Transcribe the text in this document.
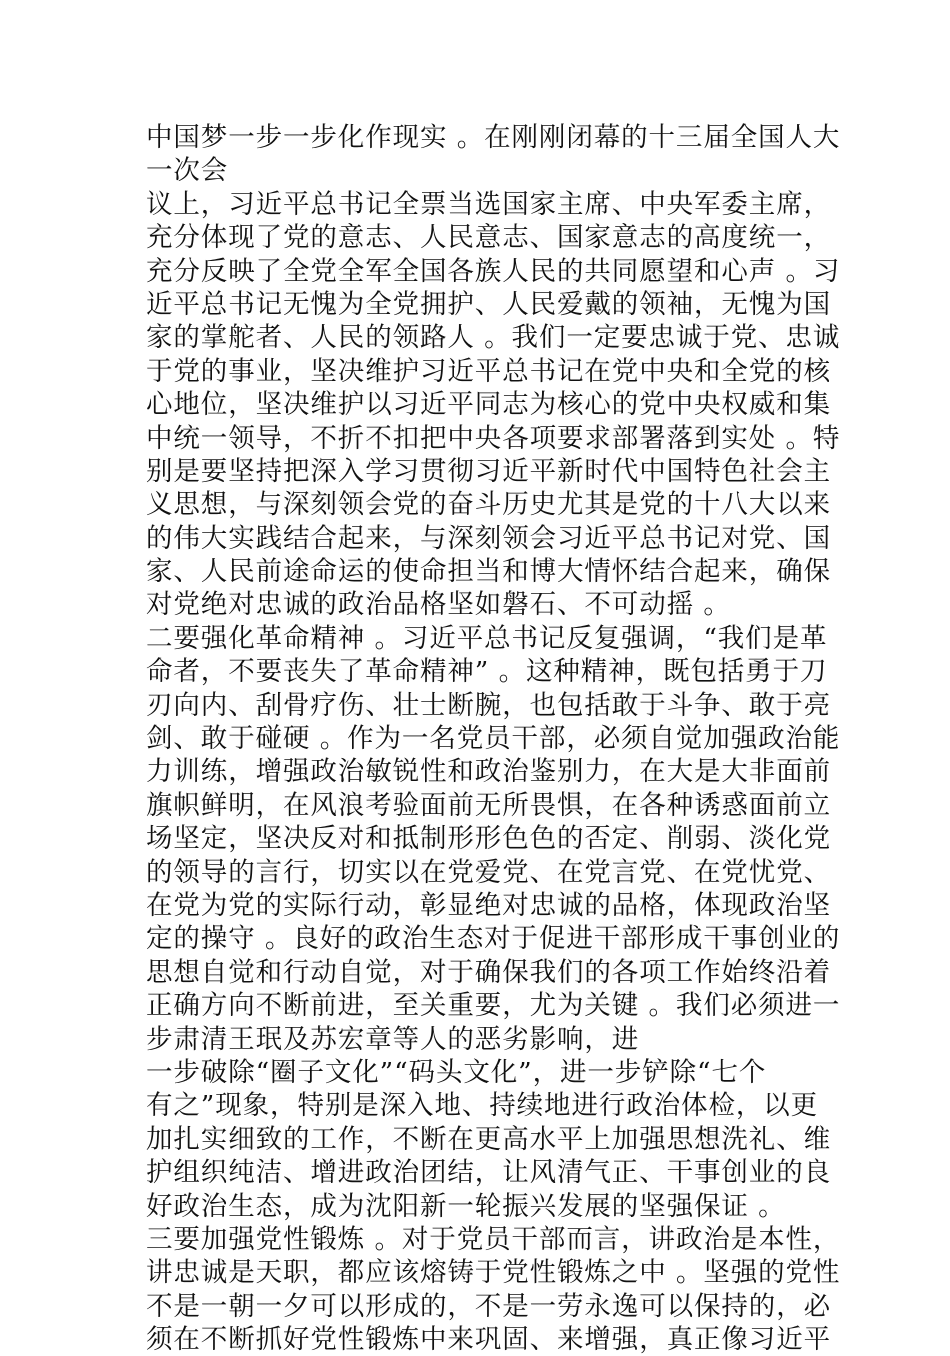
中国梦一步一步化作现实 。在刚刚闭幕的十三届全国人大
一次会
议上，习近平总书记全票当选国家主席、中央军委主席，
充分体现了党的意志、人民意志、国家意志的高度统一，
充分反映了全党全军全国各族人民的共同愿望和心声 。习
近平总书记无愧为全党拥护、人民爱戴的领袖，无愧为国
家的掌舵者、人民的领路人 。我们一定要忠诚于党、忠诚
于党的事业，坚决维护习近平总书记在党中央和全党的核
心地位，坚决维护以习近平同志为核心的党中央权威和集
中统一领导，不折不扣把中央各项要求部署落到实处 。特
别是要坚持把深入学习贯彻习近平新时代中国特色社会主
义思想，与深刻领会党的奋斗历史尤其是党的十八大以来
的伟大实践结合起来，与深刻领会习近平总书记对党、国
家、人民前途命运的使命担当和博大情怀结合起来，确保
对党绝对忠诚的政治品格坚如磐石、不可动摇 。
二要强化革命精神 。习近平总书记反复强调，“我们是革
命者，不要丧失了革命精神” 。这种精神，既包括勇于刀
刃向内、刮骨疗伤、壮士断腕，也包括敢于斗争、敢于亮
剑、敢于碰硬 。作为一名党员干部，必须自觉加强政治能
力训练，增强政治敏锐性和政治鉴别力，在大是大非面前
旗帜鲜明，在风浪考验面前无所畏惧，在各种诱惑面前立
场坚定，坚决反对和抵制形形色色的否定、削弱、淡化党
的领导的言行，切实以在党爱党、在党言党、在党忧党、
在党为党的实际行动，彰显绝对忠诚的品格，体现政治坚
定的操守 。良好的政治生态对于促进干部形成干事创业的
思想自觉和行动自觉，对于确保我们的各项工作始终沿着
正确方向不断前进，至关重要，尤为关键 。我们必须进一
步肃清王珉及苏宏章等人的恶劣影响，进
一步破除“圈子文化”“码头文化”，进一步铲除“七个
有之”现象，特别是深入地、持续地进行政治体检，以更
加扎实细致的工作，不断在更高水平上加强思想洗礼、维
护组织纯洁、增进政治团结，让风清气正、干事创业的良
好政治生态，成为沈阳新一轮振兴发展的坚强保证 。
三要加强党性锻炼 。对于党员干部而言，讲政治是本性，
讲忠诚是天职，都应该熔铸于党性锻炼之中 。坚强的党性
不是一朝一夕可以形成的，不是一劳永逸可以保持的，必
须在不断抓好党性锻炼中来巩固、来增强，真正像习近平
